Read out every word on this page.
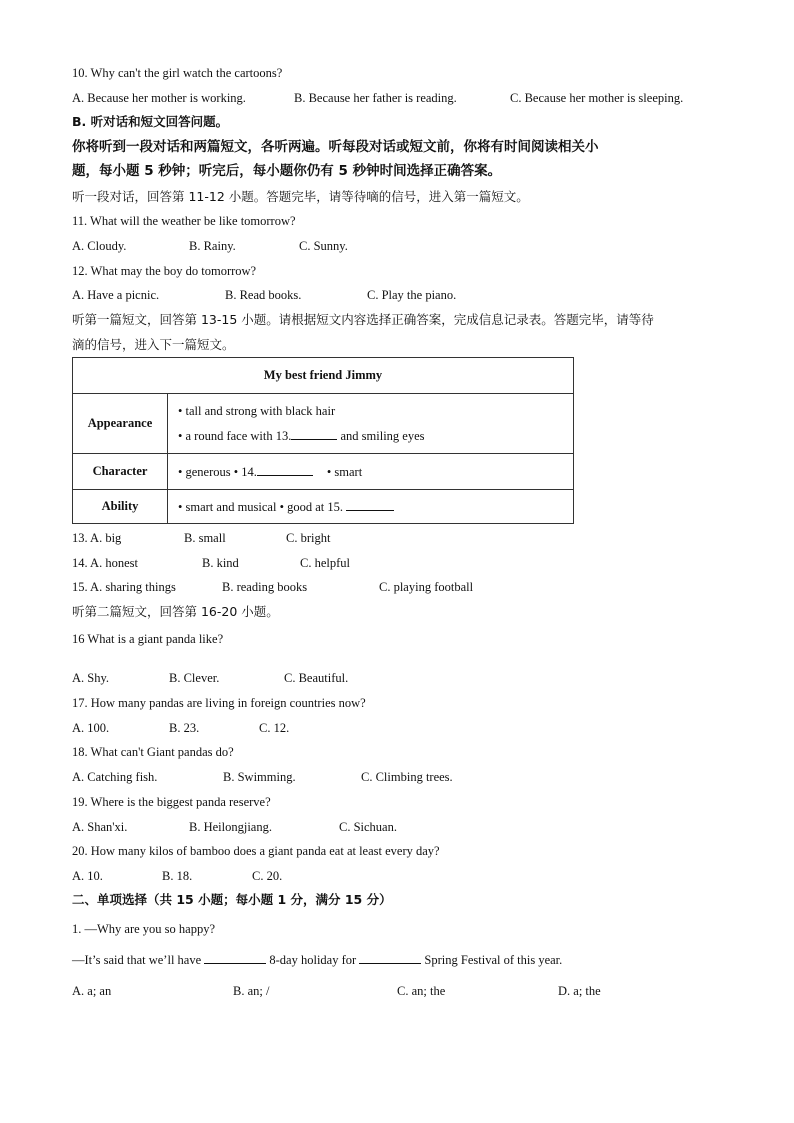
10. Why can't the girl watch the cartoons?
A. Because her mother is working.	B. Because her father is reading.	C. Because her mother is sleeping.
B. 听对话和短文回答问题。
你将听到一段对话和两篇短文，各听两遍。听每段对话或短文前，你将有时间阅读相关小
题，每小题 5 秒钟；听完后，每小题你仍有 5 秒钟时间选择正确答案。
听一段对话，回答第 11-12 小题。答题完毕，请等待嘀的信号，进入第一篇短文。
11. What will the weather be like tomorrow?
A. Cloudy.	B. Rainy.	C. Sunny.
12. What may the boy do tomorrow?
A. Have a picnic.	B. Read books.	C. Play the piano.
听第一篇短文，回答第 13-15 小题。请根据短文内容选择正确答案，完成信息记录表。答题完毕，请等待
滴的信号，进入下一篇短文。
My best friend Jimmy	
Appearance	• tall and strong with black hair
• a round face with 13. and smiling eyes

Character	• generous • 14. • smart
Ability	• smart and musical • good at 15.
13. A. big	B. small	C. bright
14. A. honest	B. kind	C. helpful
15. A. sharing things	B. reading books	C. playing football
听第二篇短文，回答第 16-20 小题。
16 What is a giant panda like?
A. Shy.	B. Clever.	C. Beautiful.
17. How many pandas are living in foreign countries now?
A. 100.	B. 23.	C. 12.
18. What can't Giant pandas do?
A. Catching fish.	B. Swimming.	C. Climbing trees.
19. Where is the biggest panda reserve?
A. Shan'xi.	B. Heilongjiang.	C. Sichuan.
20. How many kilos of bamboo does a giant panda eat at least every day?
A. 10.	B. 18.	C. 20.
二、单项选择（共 15 小题；每小题 1 分，满分 15 分）
1. —Why are you so happy?
—It’s said that we’ll have	8-day holiday for	Spring Festival of this year.
A. a; an	B. an; /	C. an; the	D. a; the
